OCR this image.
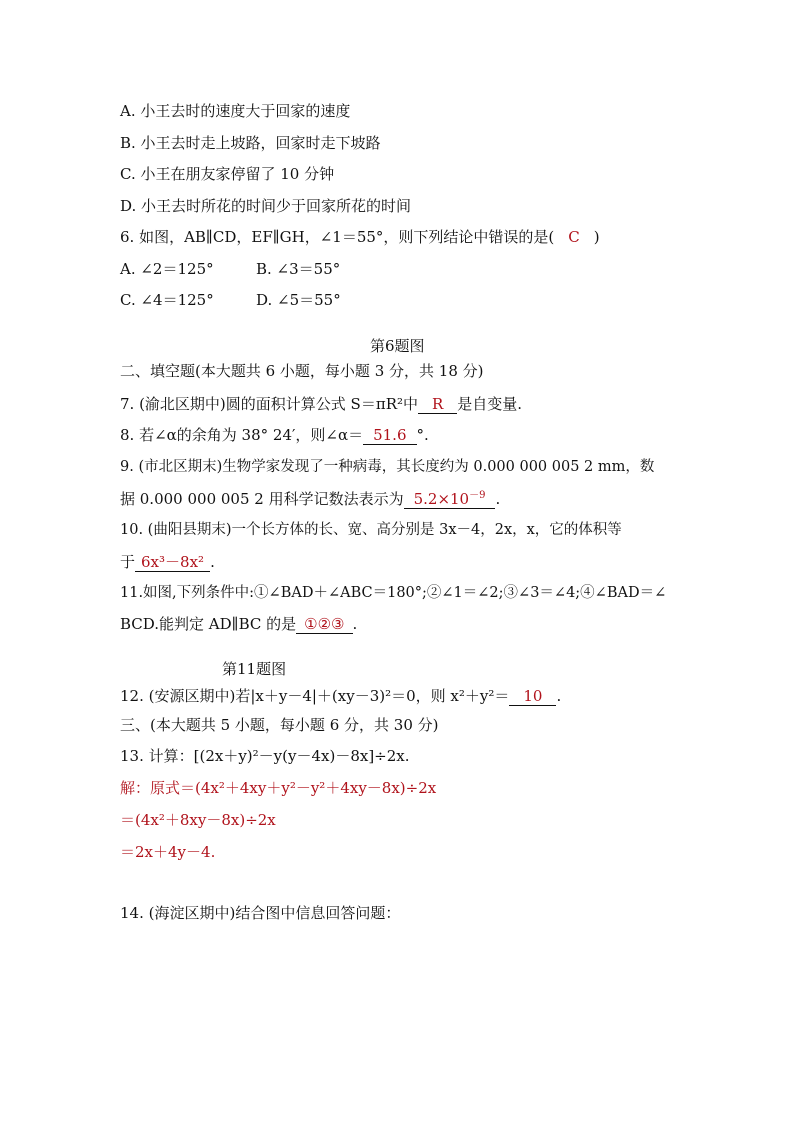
A. 小王去时的速度大于回家的速度
B. 小王去时走上坡路，回家时走下坡路
C. 小王在朋友家停留了 10 分钟
D. 小王去时所花的时间少于回家所花的时间
6. 如图，AB∥CD，EF∥GH，∠1＝55°，则下列结论中错误的是( C )
A. ∠2＝125°	B. ∠3＝55°
C. ∠4＝125°	D. ∠5＝55°
第6题图
二、填空题(本大题共 6 小题，每小题 3 分，共 18 分)
7. (渝北区期中)圆的面积计算公式 S＝πR²中 R 是自变量.
8. 若∠α的余角为 38° 24′，则∠α＝ 51.6 °.
9. (市北区期末)生物学家发现了一种病毒，其长度约为 0.000 000 005 2 mm，数
据 0.000 000 005 2 用科学记数法表示为 $5.2\times 10^{-9}$ .
10. (曲阳县期末)一个长方体的长、宽、高分别是 3x－4，2x，x，它的体积等
于 6x³－8x² .
11.如图,下列条件中:①∠BAD＋∠ABC＝180°;②∠1＝∠2;③∠3＝∠4;④∠BAD＝∠
BCD.能判定 AD∥BC 的是 ①②③ .
第11题图
12. (安源区期中)若|x＋y－4|＋(xy－3)²＝0，则 x²＋y²＝ 10 .
三、(本大题共 5 小题，每小题 6 分，共 30 分)
13. 计算：[(2x＋y)²－y(y－4x)－8x]÷2x.
解：原式＝(4x²＋4xy＋y²－y²＋4xy－8x)÷2x
＝(4x²＋8xy－8x)÷2x
＝2x＋4y－4.
14. (海淀区期中)结合图中信息回答问题：
